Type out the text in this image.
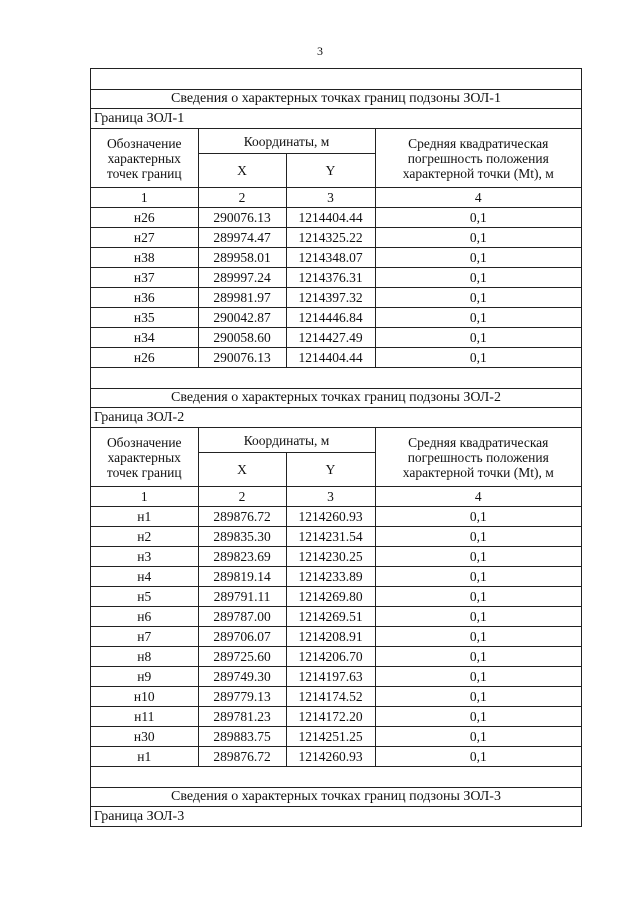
3
Сведения о характерных точках границ подзоны ЗОЛ-1
Граница ЗОЛ-1
Обозначение характерных точек границ	Координаты, м		Средняя квадратическая погрешность положения характерной точки (Mt), м
	X	Y	
1	2	3	4
н26	290076.13	1214404.44	0,1
н27	289974.47	1214325.22	0,1
н38	289958.01	1214348.07	0,1
н37	289997.24	1214376.31	0,1
н36	289981.97	1214397.32	0,1
н35	290042.87	1214446.84	0,1
н34	290058.60	1214427.49	0,1
н26	290076.13	1214404.44	0,1
Сведения о характерных точках границ подзоны ЗОЛ-2
Граница ЗОЛ-2
Обозначение характерных точек границ	Координаты, м		Средняя квадратическая погрешность положения характерной точки (Mt), м
	X	Y	
1	2	3	4
н1	289876.72	1214260.93	0,1
н2	289835.30	1214231.54	0,1
н3	289823.69	1214230.25	0,1
н4	289819.14	1214233.89	0,1
н5	289791.11	1214269.80	0,1
н6	289787.00	1214269.51	0,1
н7	289706.07	1214208.91	0,1
н8	289725.60	1214206.70	0,1
н9	289749.30	1214197.63	0,1
н10	289779.13	1214174.52	0,1
н11	289781.23	1214172.20	0,1
н30	289883.75	1214251.25	0,1
н1	289876.72	1214260.93	0,1
Сведения о характерных точках границ подзоны ЗОЛ-3
Граница ЗОЛ-3
